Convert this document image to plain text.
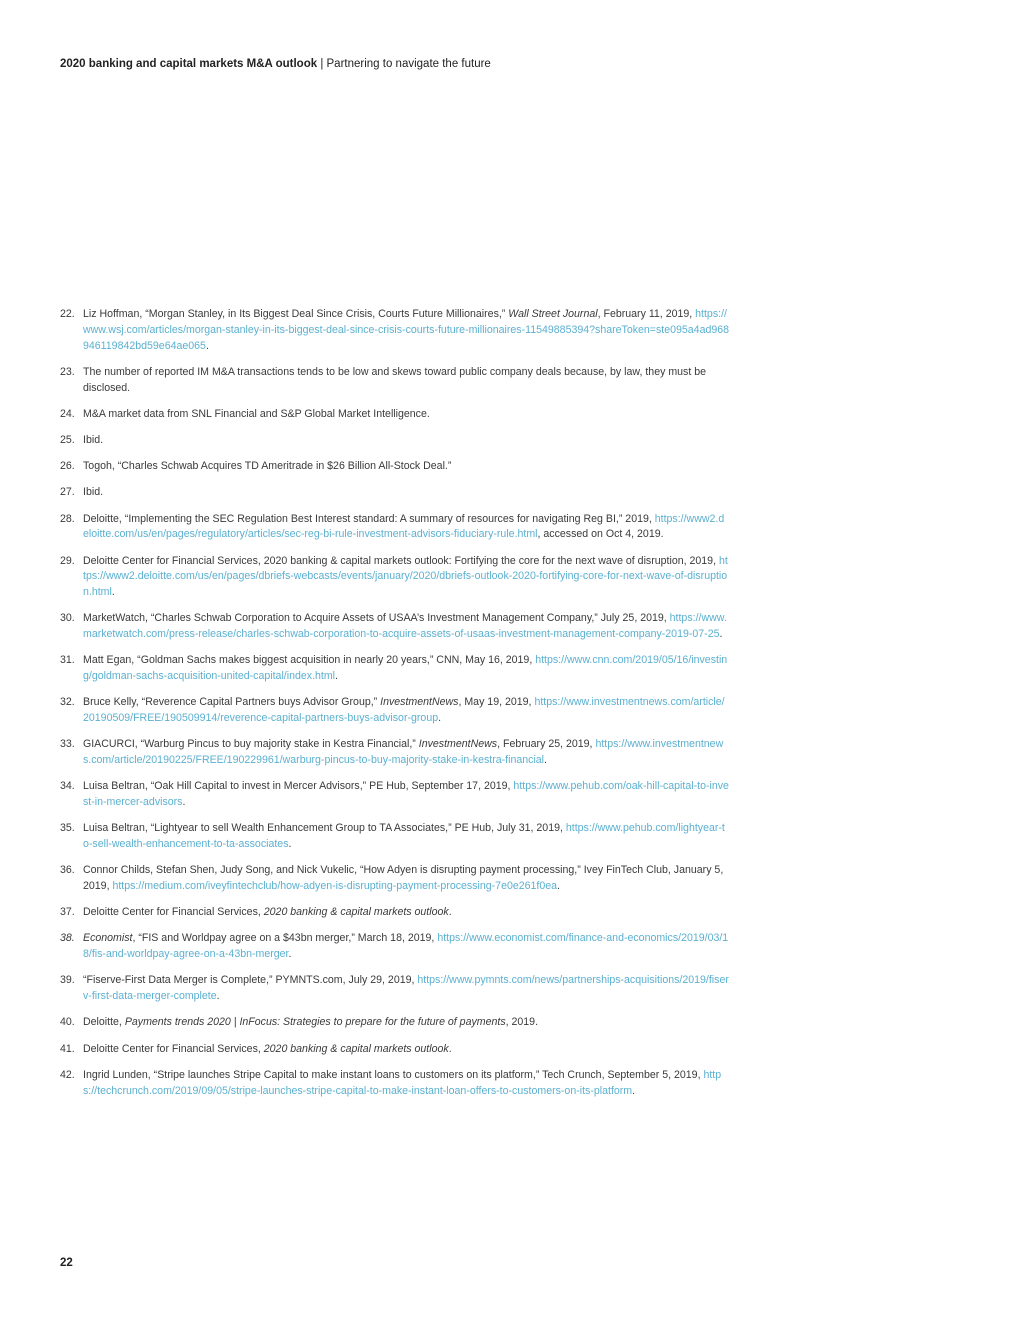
2020 banking and capital markets M&A outlook | Partnering to navigate the future
22. Liz Hoffman, “Morgan Stanley, in Its Biggest Deal Since Crisis, Courts Future Millionaires,” Wall Street Journal, February 11, 2019, https://www.wsj.com/articles/morgan-stanley-in-its-biggest-deal-since-crisis-courts-future-millionaires-11549885394?shareToken=ste095a4ad968946119842bd59e64ae065.
23. The number of reported IM M&A transactions tends to be low and skews toward public company deals because, by law, they must be disclosed.
24. M&A market data from SNL Financial and S&P Global Market Intelligence.
25. Ibid.
26. Togoh, “Charles Schwab Acquires TD Ameritrade in $26 Billion All-Stock Deal.”
27. Ibid.
28. Deloitte, “Implementing the SEC Regulation Best Interest standard: A summary of resources for navigating Reg BI,” 2019, https://www2.deloitte.com/us/en/pages/regulatory/articles/sec-reg-bi-rule-investment-advisors-fiduciary-rule.html, accessed on Oct 4, 2019.
29. Deloitte Center for Financial Services, 2020 banking & capital markets outlook: Fortifying the core for the next wave of disruption, 2019, https://www2.deloitte.com/us/en/pages/dbriefs-webcasts/events/january/2020/dbriefs-outlook-2020-fortifying-core-for-next-wave-of-disruption.html.
30. MarketWatch, “Charles Schwab Corporation to Acquire Assets of USAA’s Investment Management Company,” July 25, 2019, https://www.marketwatch.com/press-release/charles-schwab-corporation-to-acquire-assets-of-usaas-investment-management-company-2019-07-25.
31. Matt Egan, “Goldman Sachs makes biggest acquisition in nearly 20 years,” CNN, May 16, 2019, https://www.cnn.com/2019/05/16/investing/goldman-sachs-acquisition-united-capital/index.html.
32. Bruce Kelly, “Reverence Capital Partners buys Advisor Group,” InvestmentNews, May 19, 2019, https://www.investmentnews.com/article/20190509/FREE/190509914/reverence-capital-partners-buys-advisor-group.
33. GIACURCI, “Warburg Pincus to buy majority stake in Kestra Financial,” InvestmentNews, February 25, 2019, https://www.investmentnews.com/article/20190225/FREE/190229961/warburg-pincus-to-buy-majority-stake-in-kestra-financial.
34. Luisa Beltran, “Oak Hill Capital to invest in Mercer Advisors,” PE Hub, September 17, 2019, https://www.pehub.com/oak-hill-capital-to-invest-in-mercer-advisors.
35. Luisa Beltran, “Lightyear to sell Wealth Enhancement Group to TA Associates,” PE Hub, July 31, 2019, https://www.pehub.com/lightyear-to-sell-wealth-enhancement-to-ta-associates.
36. Connor Childs, Stefan Shen, Judy Song, and Nick Vukelic, “How Adyen is disrupting payment processing,” Ivey FinTech Club, January 5, 2019, https://medium.com/iveyfintechclub/how-adyen-is-disrupting-payment-processing-7e0e261f0ea.
37. Deloitte Center for Financial Services, 2020 banking & capital markets outlook.
38. Economist, “FIS and Worldpay agree on a $43bn merger,” March 18, 2019, https://www.economist.com/finance-and-economics/2019/03/18/fis-and-worldpay-agree-on-a-43bn-merger.
39. “Fiserve-First Data Merger is Complete,” PYMNTS.com, July 29, 2019, https://www.pymnts.com/news/partnerships-acquisitions/2019/fiserv-first-data-merger-complete.
40. Deloitte, Payments trends 2020 | InFocus: Strategies to prepare for the future of payments, 2019.
41. Deloitte Center for Financial Services, 2020 banking & capital markets outlook.
42. Ingrid Lunden, “Stripe launches Stripe Capital to make instant loans to customers on its platform,” Tech Crunch, September 5, 2019, https://techcrunch.com/2019/09/05/stripe-launches-stripe-capital-to-make-instant-loan-offers-to-customers-on-its-platform.
22
